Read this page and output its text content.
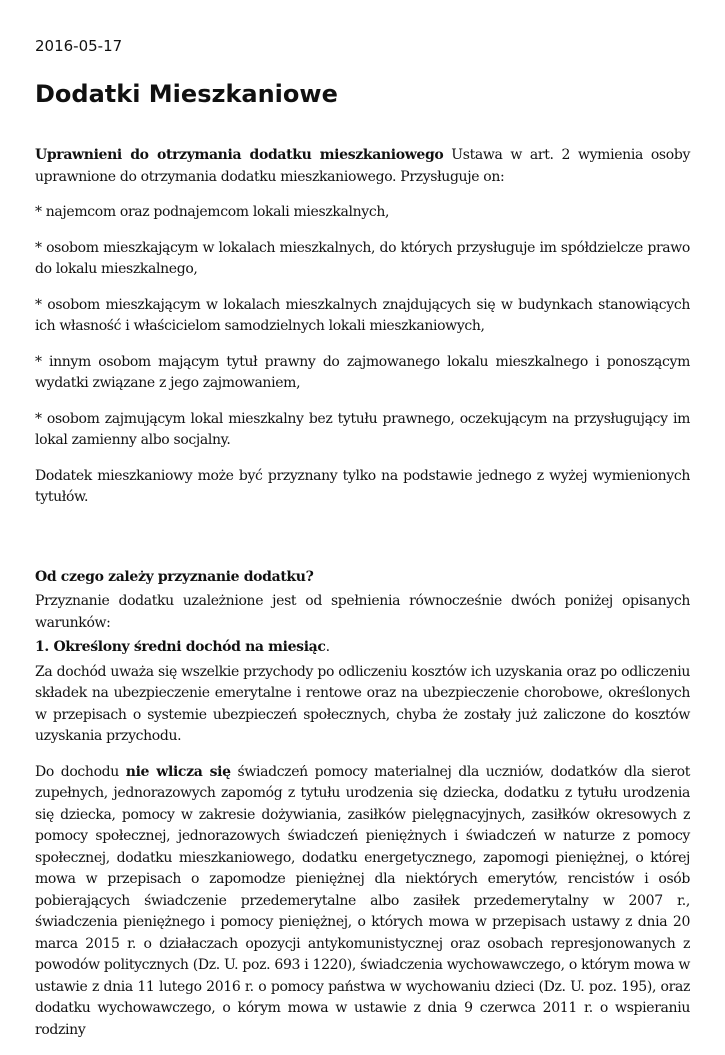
2016-05-17
Dodatki Mieszkaniowe

Uprawnieni do otrzymania dodatku mieszkaniowego Ustawa w art. 2 wymienia osoby uprawnione do otrzymania dodatku mieszkaniowego. Przysługuje on:

* najemcom oraz podnajemcom lokali mieszkalnych,

* osobom mieszkającym w lokalach mieszkalnych, do których przysługuje im spółdzielcze prawo do lokalu mieszkalnego,

* osobom mieszkającym w lokalach mieszkalnych znajdujących się w budynkach stanowiących ich własność i właścicielom samodzielnych lokali mieszkaniowych,

* innym osobom mającym tytuł prawny do zajmowanego lokalu mieszkalnego i ponoszącym wydatki związane z jego zajmowaniem,

* osobom zajmującym lokal mieszkalny bez tytułu prawnego, oczekującym na przysługujący im lokal zamienny albo socjalny.

Dodatek mieszkaniowy może być przyznany tylko na podstawie jednego z wyżej wymienionych tytułów.

Od czego zależy przyznanie dodatku?

Przyznanie dodatku uzależnione jest od spełnienia równocześnie dwóch poniżej opisanych warunków:

1. Określony średni dochód na miesiąc.

Za dochód uważa się wszelkie przychody po odliczeniu kosztów ich uzyskania oraz po odliczeniu składek na ubezpieczenie emerytalne i rentowe oraz na ubezpieczenie chorobowe, określonych w przepisach o systemie ubezpieczeń społecznych, chyba że zostały już zaliczone do kosztów uzyskania przychodu.

Do dochodu nie wlicza się świadczeń pomocy materialnej dla uczniów, dodatków dla sierot zupełnych, jednorazowych zapomóg z tytułu urodzenia się dziecka, dodatku z tytułu urodzenia się dziecka, pomocy w zakresie dożywiania, zasiłków pielęgnacyjnych, zasiłków okresowych z pomocy społecznej, jednorazowych świadczeń pieniężnych i świadczeń w naturze z pomocy społecznej, dodatku mieszkaniowego, dodatku energetycznego, zapomogi pieniężnej, o której mowa w przepisach o zapomodze pieniężnej dla niektórych emerytów, rencistów i osób pobierających świadczenie przedemerytalne albo zasiłek przedemerytalny w 2007 r., świadczenia pieniężnego i pomocy pieniężnej, o których mowa w przepisach ustawy z dnia 20 marca 2015 r. o działaczach opozycji antykomunistycznej oraz osobach represjonowanych z powodów politycznych (Dz. U. poz. 693 i 1220), świadczenia wychowawczego, o którym mowa w ustawie z dnia 11 lutego 2016 r. o pomocy państwa w wychowaniu dzieci (Dz. U. poz. 195), oraz dodatku wychowawczego, o kórym mowa w ustawie z dnia 9 czerwca 2011 r. o wspieraniu rodziny
